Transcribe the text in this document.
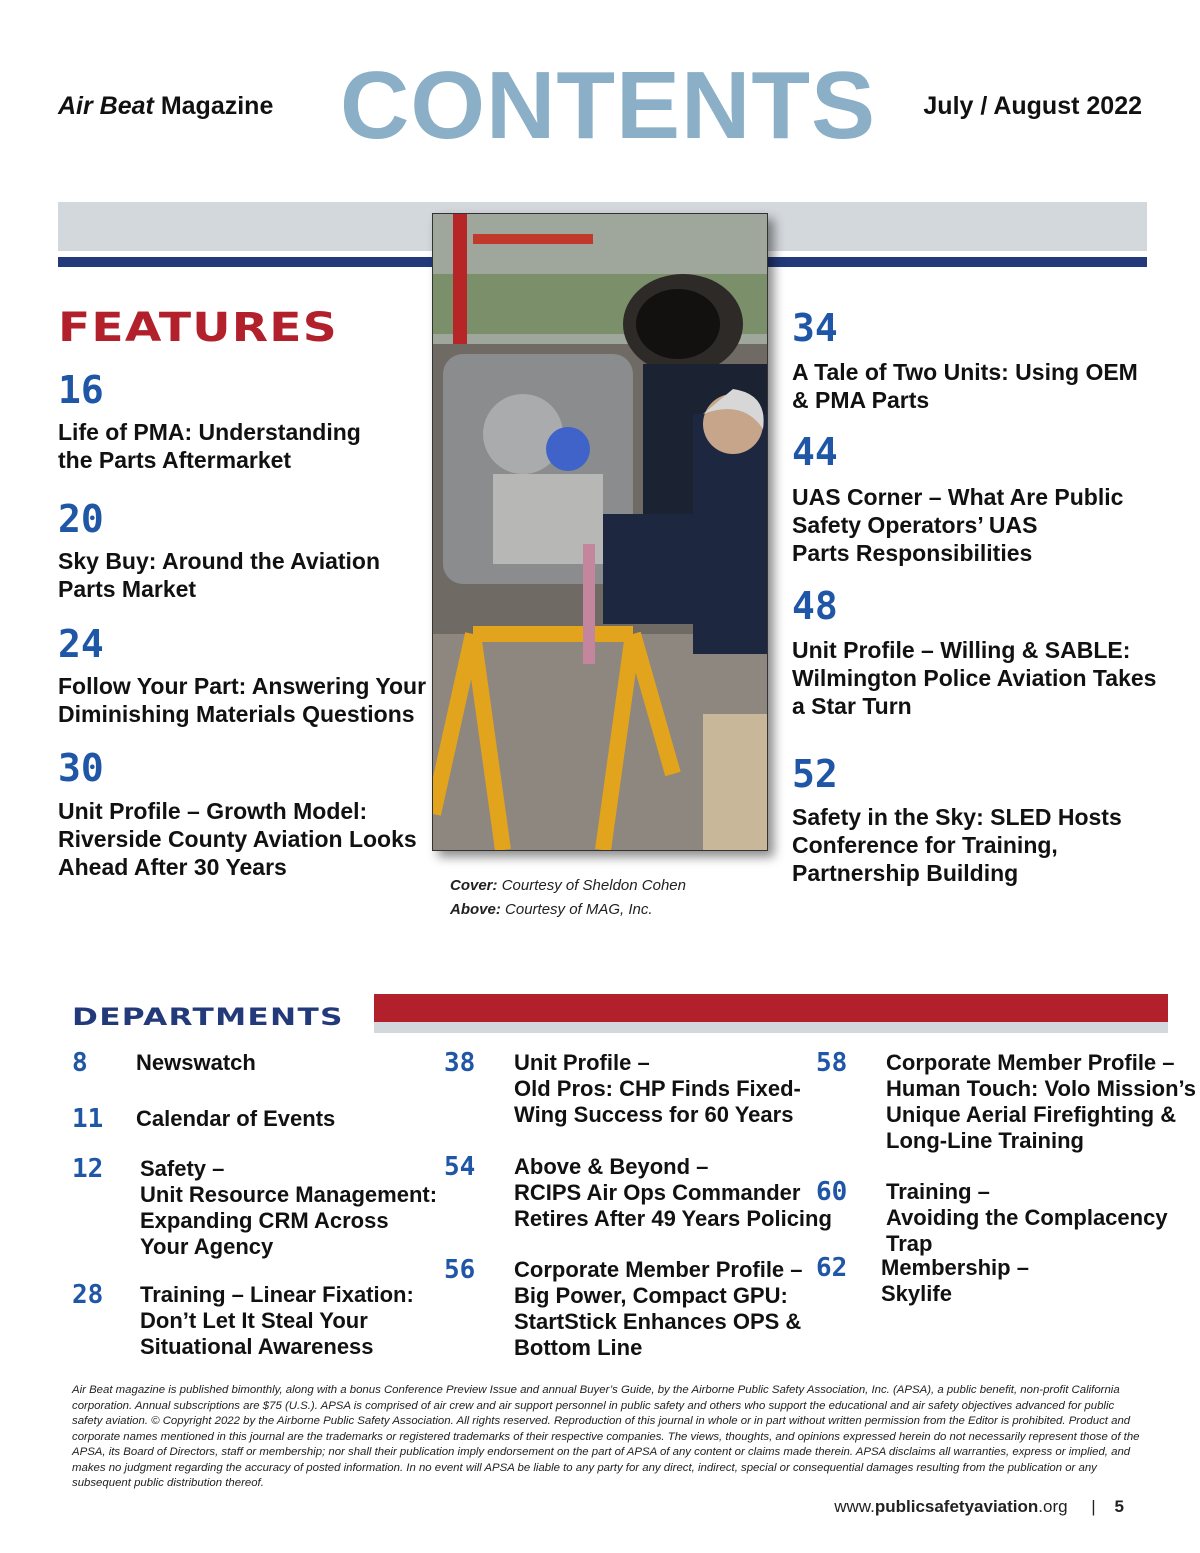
Air Beat Magazine CONTENTS July / August 2022
Cover: Courtesy of Sheldon Cohen
Above: Courtesy of MAG, Inc.
FEATURES
16
Life of PMA: Understanding
the Parts Aftermarket
20
Sky Buy: Around the Aviation
Parts Market
24
Follow Your Part: Answering Your
Diminishing Materials Questions
30
Unit Profile – Growth Model:
Riverside County Aviation Looks
Ahead After 30 Years
34
A Tale of Two Units: Using OEM
& PMA Parts
44
UAS Corner – What Are Public
Safety Operators’ UAS
Parts Responsibilities
48
Unit Profile – Willing & SABLE:
Wilmington Police Aviation Takes
a Star Turn
52
Safety in the Sky: SLED Hosts
Conference for Training,
Partnership Building
DEPARTMENTS
8 Newswatch
11 Calendar of Events
12 Safety –
Unit Resource Management:
Expanding CRM Across
Your Agency
28 Training – Linear Fixation:
Don’t Let It Steal Your
Situational Awareness
38 Unit Profile –
Old Pros: CHP Finds Fixed-
Wing Success for 60 Years
54 Above & Beyond –
RCIPS Air Ops Commander
Retires After 49 Years Policing
56 Corporate Member Profile –
Big Power, Compact GPU:
StartStick Enhances OPS &
Bottom Line
58 Corporate Member Profile –
Human Touch: Volo Mission’s
Unique Aerial Firefighting &
Long-Line Training
60 Training –
Avoiding the Complacency Trap
62 Membership –
Skylife
Air Beat magazine is published bimonthly, along with a bonus Conference Preview Issue and annual Buyer’s Guide, by the Airborne Public Safety Association, Inc. (APSA), a public benefit, non-profit California corporation. Annual subscriptions are $75 (U.S.). APSA is comprised of air crew and air support personnel in public safety and others who support the educational and air safety objectives advanced for public safety aviation. © Copyright 2022 by the Airborne Public Safety Association. All rights reserved. Reproduction of this journal in whole or in part without written permission from the Editor is prohibited. Product and corporate names mentioned in this journal are the trademarks or registered trademarks of their respective companies. The views, thoughts, and opinions expressed herein do not necessarily represent those of the APSA, its Board of Directors, staff or membership; nor shall their publication imply endorsement on the part of APSA of any content or claims made therein. APSA disclaims all warranties, express or implied, and makes no judgment regarding the accuracy of posted information. In no event will APSA be liable to any party for any direct, indirect, special or consequential damages resulting from the publication or any subsequent public distribution thereof.
www.publicsafetyaviation.org | 5
